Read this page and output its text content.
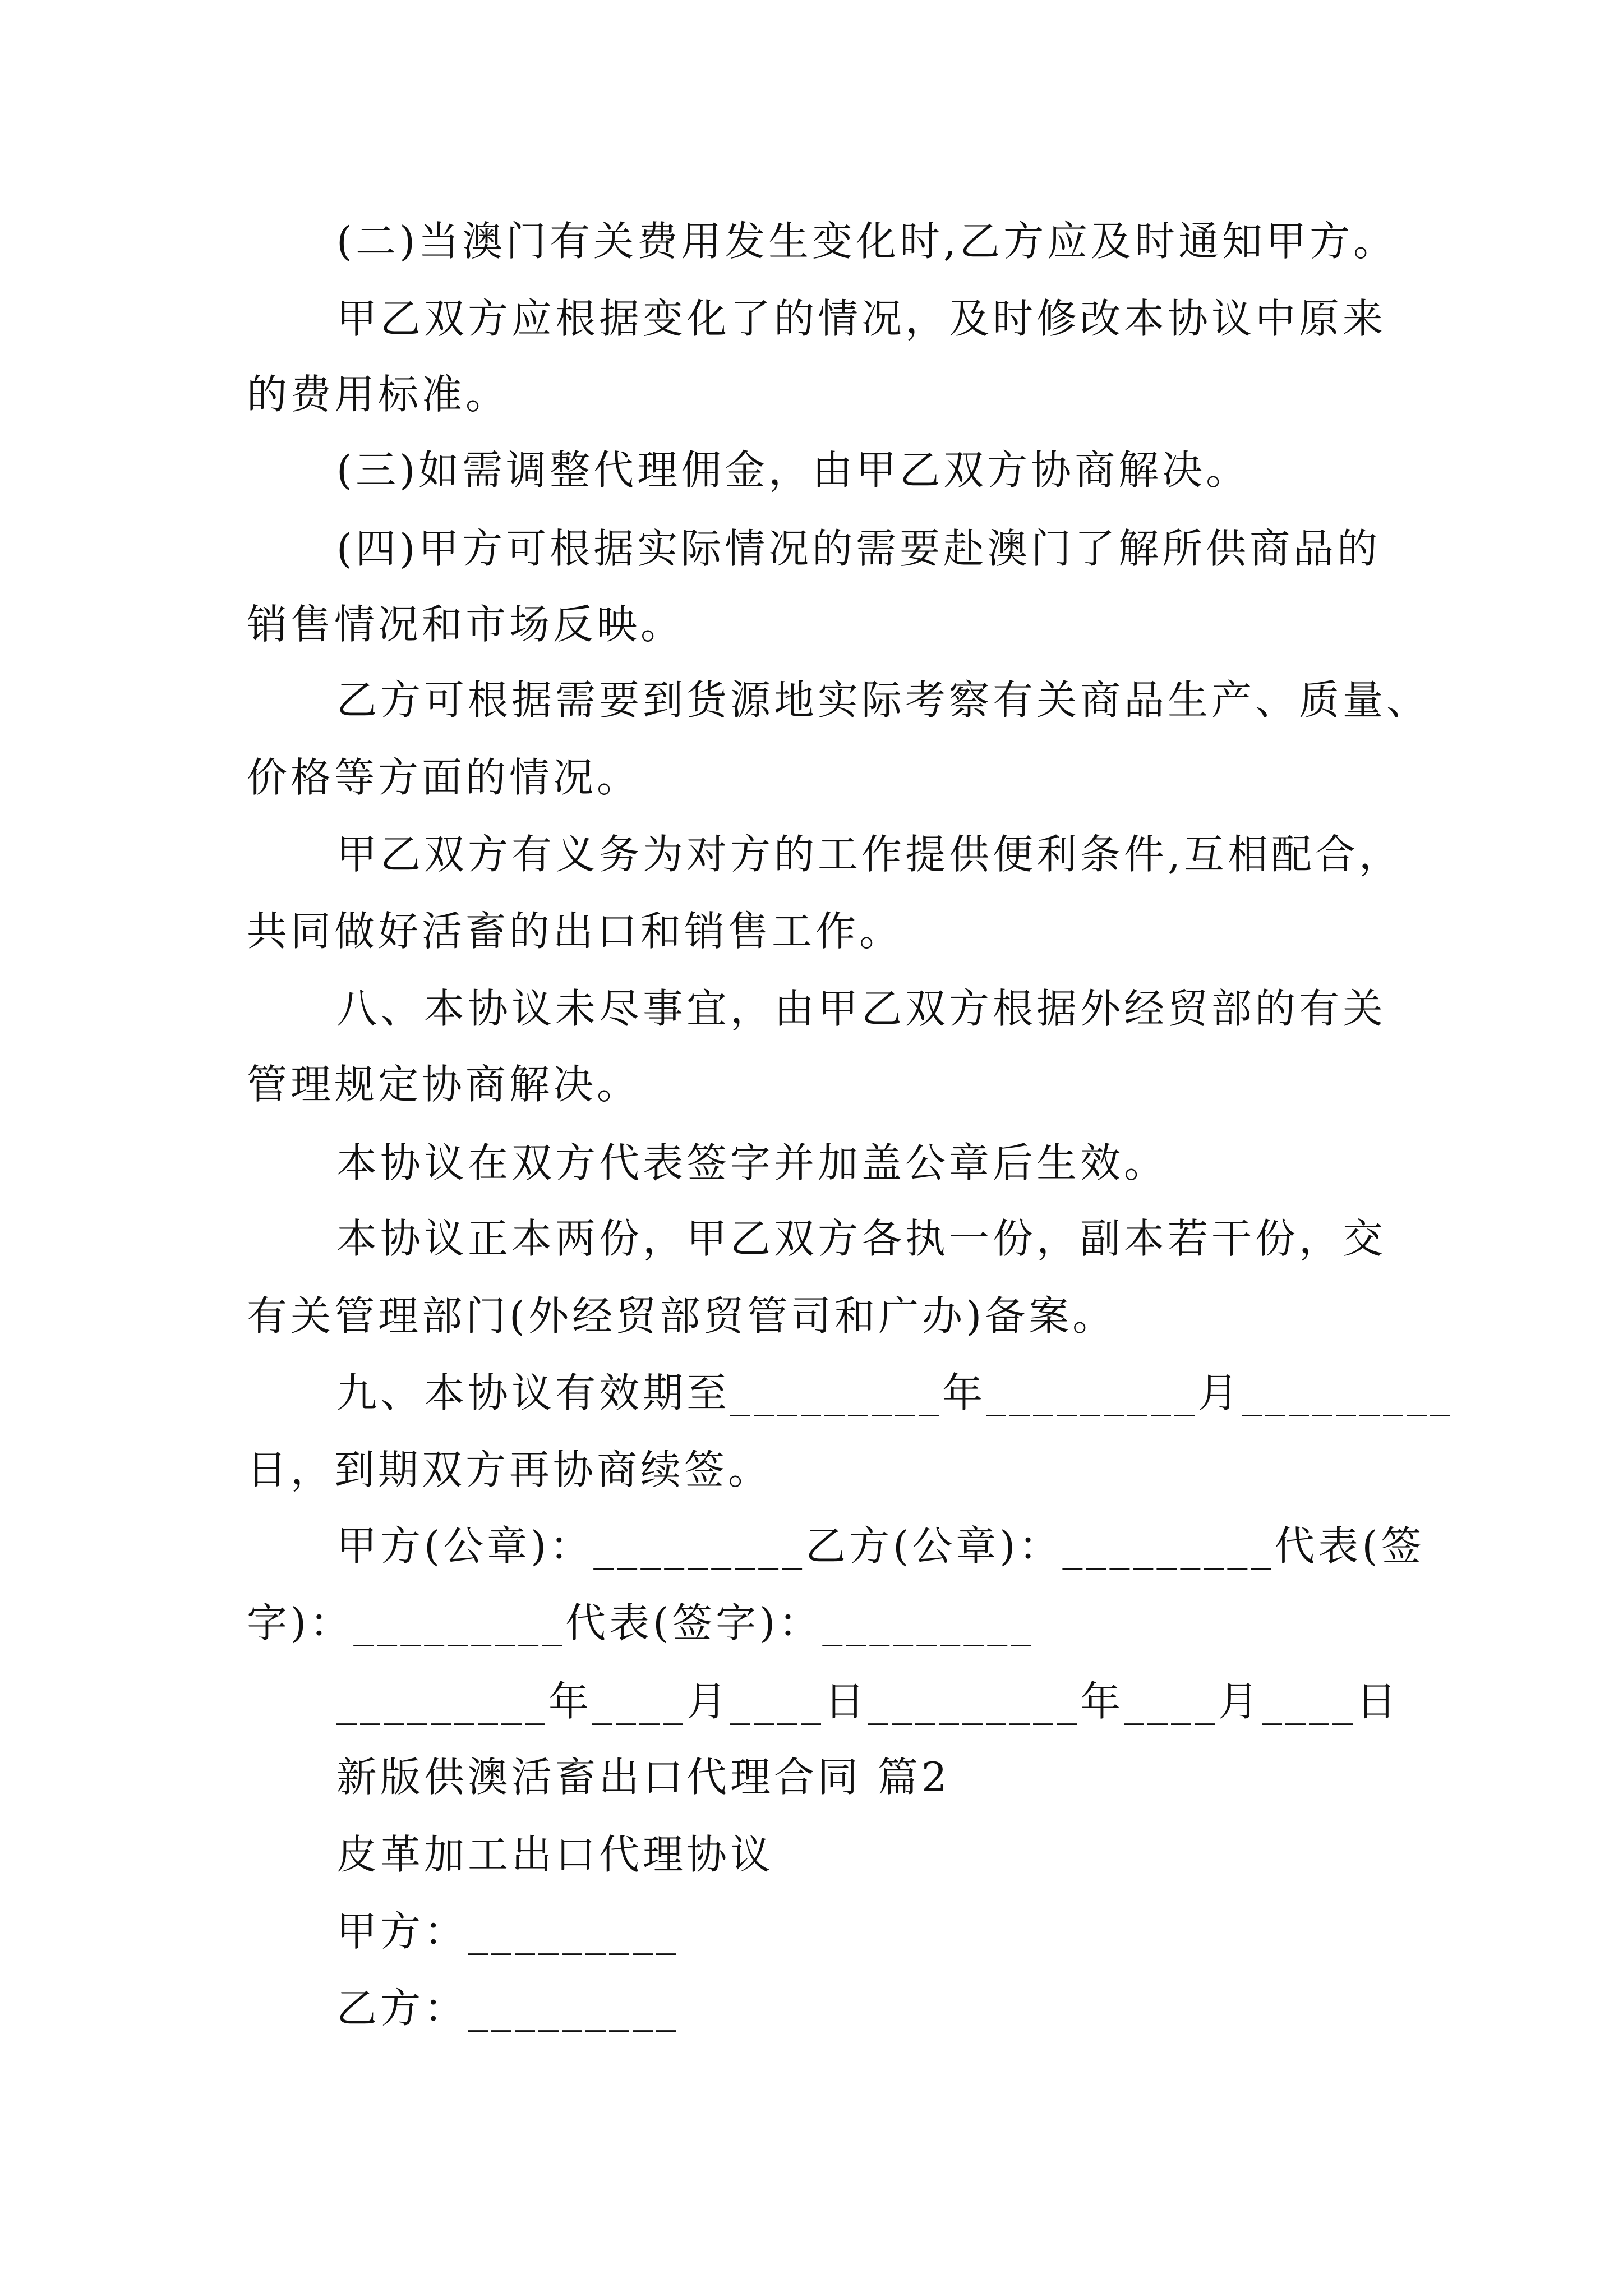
(二)当澳门有关费用发生变化时,乙方应及时通知甲方。
甲乙双方应根据变化了的情况，及时修改本协议中原来
的费用标准。
(三)如需调整代理佣金，由甲乙双方协商解决。
(四)甲方可根据实际情况的需要赴澳门了解所供商品的
销售情况和市场反映。
乙方可根据需要到货源地实际考察有关商品生产、质量、
价格等方面的情况。
甲乙双方有义务为对方的工作提供便利条件,互相配合，
共同做好活畜的出口和销售工作。
八、本协议未尽事宜，由甲乙双方根据外经贸部的有关
管理规定协商解决。
本协议在双方代表签字并加盖公章后生效。
本协议正本两份，甲乙双方各执一份，副本若干份，交
有关管理部门(外经贸部贸管司和广办)备案。
九、本协议有效期至_________年_________月_________
日，到期双方再协商续签。
甲方(公章)：_________乙方(公章)：_________代表(签
字)：_________代表(签字)：_________
_________年____月____日_________年____月____日
新版供澳活畜出口代理合同 篇2
皮革加工出口代理协议
甲方：_________
乙方：_________
